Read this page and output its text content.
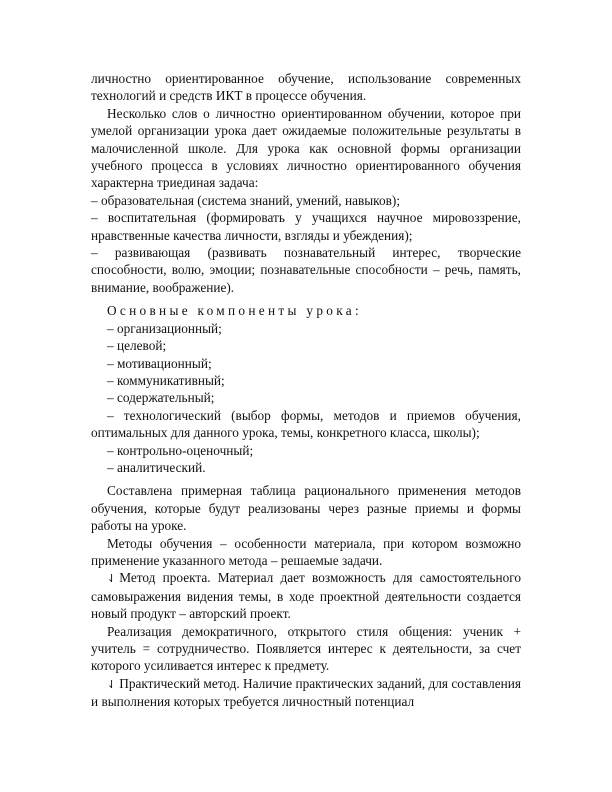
личностно ориентированное обучение, использование современных технологий и средств ИКТ в процессе обучения.

Несколько слов о личностно ориентированном обучении, которое при умелой организации урока дает ожидаемые положительные результаты в малочисленной школе. Для урока как основной формы организации учебного процесса в условиях личностно ориентированного обучения характерна триединая задача:

– образовательная (система знаний, умений, навыков);

– воспитательная (формировать у учащихся научное мировоззрение, нравственные качества личности, взгляды и убеждения);

– развивающая (развивать познавательный интерес, творческие способности, волю, эмоции; познавательные способности – речь, память, внимание, воображение).

Основные компоненты урока:

– организационный;

– целевой;

– мотивационный;

– коммуникативный;

– содержательный;

– технологический (выбор формы, методов и приемов обучения, оптимальных для данного урока, темы, конкретного класса, школы);

– контрольно-оценочный;

– аналитический.

Составлена примерная таблица рационального применения методов обучения, которые будут реализованы через разные приемы и формы работы на уроке.

Методы обучения – особенности материала, при котором возможно применение указанного метода – решаемые задачи.

⇃ Метод проекта. Материал дает возможность для самостоятельного самовыражения видения темы, в ходе проектной деятельности создается новый продукт – авторский проект.

Реализация демократичного, открытого стиля общения: ученик + учитель = сотрудничество. Появляется интерес к деятельности, за счет которого усиливается интерес к предмету.

⇃ Практический метод. Наличие практических заданий, для составления и выполнения которых требуется личностный потенциал
